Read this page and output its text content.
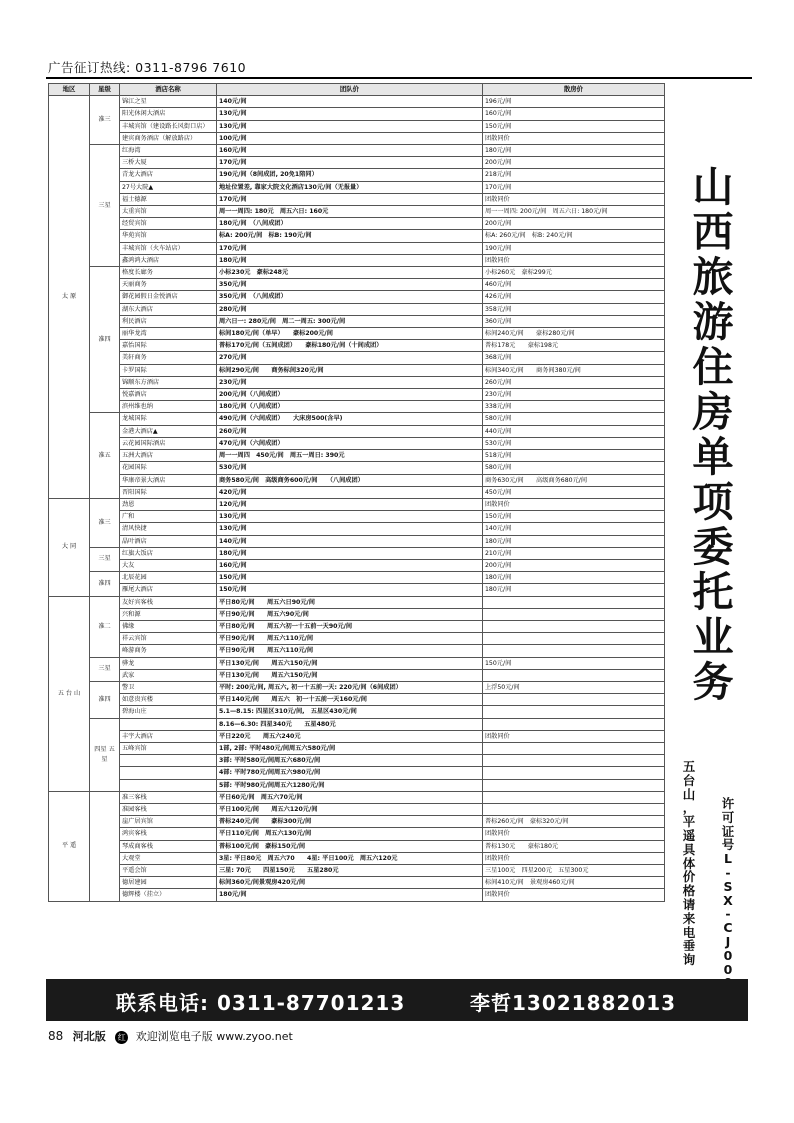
广告征订热线: 0311-8796 7610
地区	星级	酒店名称	团队价	散房价
太 原	准三	锦江之星	140元/间	196元/间
		阳光休闲大酒店	130元/间	160元/间
		丰城宾馆（建设路长风街口店）	130元/间	150元/间
		建宾商务酒店（解放路店）	100元/间	团散同价
	三星	红海湾	160元/间	180元/间
		三桥大厦	170元/间	200元/间
		青龙大酒店	190元/间（8间成团, 20免1陪同）	218元/间
		27号大院▲	地址位置差, 靠家大院文化酒店130元/间（无报量）	170元/间
		福士德源	170元/间	团散同价
		太重宾馆	周一一周四: 180元　周五六日: 160元	周一一周四: 200元/间　周五六日: 180元/间
		经贸宾馆	180元/间　（八间成团）	200元/间
		华苑宾馆	标A: 200元/间　标B: 190元/间	标A: 260元/间　标B: 240元/间
		丰城宾馆（火车站店）	170元/间	190元/间
		鑫鸿鸿大酒店	180元/间	团散同价
	准四	格度长廊务	小标230元　豪标248元	小标260元　豪标299元
		天丽商务	350元/间	460元/间
		御花园假日金悦酒店	350元/间　（八间成团）	426元/间
		湖东大酒店	280元/间	358元/间
		利民酒店	周六日一: 280元/间　周二一周五: 300元/间	360元/间
		丽华龙湾	标间180元/间（单早）　　豪标200元/间	标间240元/间　　豪标280元/间
		嘉怡国际	普标170元/间（五间成团）　　豪标180元/间（十间成团）	普标178元　　豪标198元
		美轩商务	270元/间	368元/间
		卡罗国际	标间290元/间　　商务标间320元/间	标间340元/间　　商务间380元/间
		锦顺东方酒店	230元/间	260元/间
		悦嘉酒店	200元/间（八间成团）	230元/间
		滨州维也纳	180元/间（八间成团）	338元/间
	准五	龙城国际	490元/间（六间成团）　　大床房500(含早)	580元/间
		金港大酒店▲	260元/间	440元/间
		云花园国际酒店	470元/间（六间成团）	530元/间
		五洲大酒店	周一一周四　450元/间　周五一周日: 390元	518元/间
		花园国际	530元/间	580元/间
		华康帝景大酒店	商务580元/间　高级商务600元/间　　（八间成团）	商务630元/间　　高级商务680元/间
		晋阳国际	420元/间	450元/间
大 同	准三	劲恩	120元/间	团散同价
		广和	130元/间	150元/间
		清风快捷	130元/间	140元/间
		晶叶酒店	140元/间	180元/间
	三星	红旗大饭店	180元/间	210元/间
		大友	160元/间	200元/间
	准四	北辰花园	150元/间	180元/间
		雁尾大酒店	150元/间	180元/间
五 台 山	准二	友好宾客栈	平日80元/间　　周五六日90元/间	
		兴和源	平日90元/间　　周五六90元/间	
		佛缘	平日80元/间　　周五六初一十五前一天90元/间	
		祥云宾馆	平日90元/间　　周五六110元/间	
		峰游商务	平日90元/间　　周五六110元/间	
	三星	骅龙	平日130元/间　　周五六150元/间	150元/间
		武家	平日130元/间　　周五六150元/间	
	准四	警卫	平时: 200元/间, 周五六, 初一十五前一天: 220元/间（6间成团）	上浮50元/间
		如意贵宾楼	平日140元/间　　周五六　初一十五前一天160元/间	
		碧海山庄	5.1—8.15: 四星区310元/间,　五星区430元/间	
	四星 五星		8.16—6.30: 四星340元　　五星480元	
		丰宇大酒店	平日220元　　周五六240元	团散同价
		五峰宾馆	1部, 2部: 平时480元/间周五六580元/间	
			3部: 平时580元/间周五六680元/间	
			4部: 平时780元/间周五六980元/间	
			5部: 平时980元/间周五六1280元/间	
平 遥		准三客栈	平日60元/间　周五六70元/间	
		准园客栈	平日100元/间　　周五六120元/间	
		崖广居宾馆	普标240元/间　　豪标300元/间	普标260元/间　豪标320元/间
		鸿宾客栈	平日110元/间　周五六130元/间	团散同价
		琴成商客栈	普标100元/间　豪标150元/间	普标130元　　豪标180元
		大观堂	3星: 平日80元　周五六70　　4星: 平日100元　周五六120元	团散同价
		平遥会馆	三星: 70元　　四星150元　　五星280元	三星100元　四星200元　五星300元
		德居建园	标间360元/间景观房420元/间	标间410元/间　景观房460元/间
		德辉楼（挂立）	180元/间	团散同价
山
西
旅
游
住
房
单
项
委
托
业
务
五
台
山
，
平
遥
具
体
价
格
请
来
电
垂
询
许
可
证
号
L
-
S
X
-
C
J
0
0
联系电话: 0311-87701213	李哲13021882013
88 河北版 红 欢迎浏览电子版 www.zyoo.net
